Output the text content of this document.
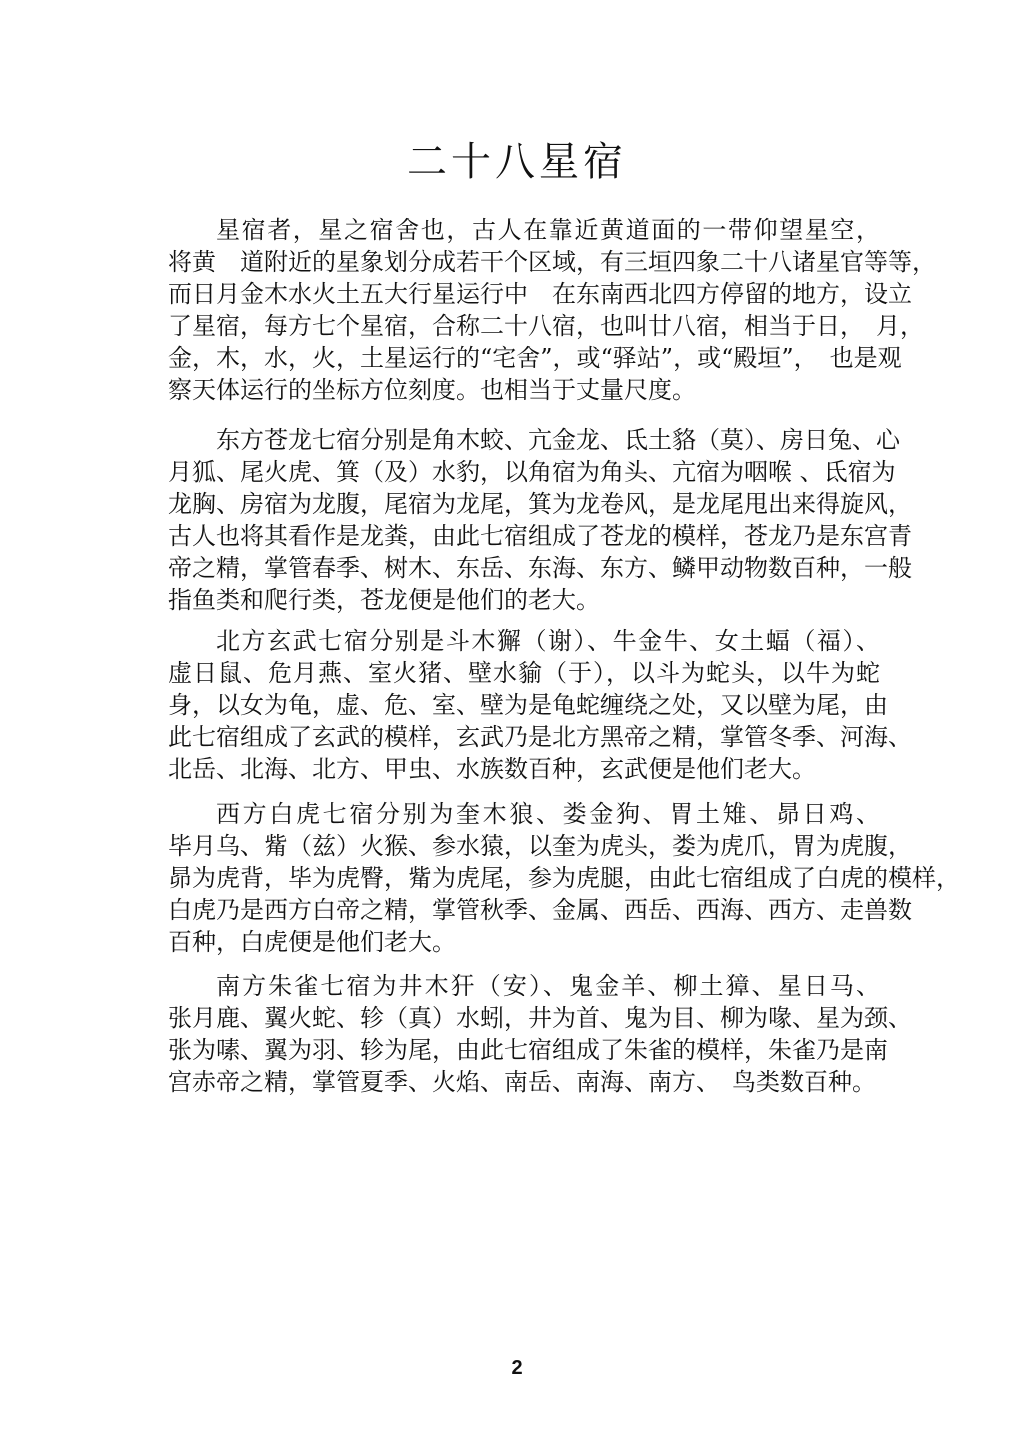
二十八星宿
星宿者，星之宿舍也，古人在靠近黄道面的一带仰望星空，
将黄　道附近的星象划分成若干个区域，有三垣四象二十八诸星官等等，
而日月金木水火土五大行星运行中　在东南西北四方停留的地方，设立
了星宿，每方七个星宿，合称二十八宿，也叫廿八宿，相当于日，　月，
金，木，水，火，土星运行的“宅舍”，或“驿站”，或“殿垣”，　也是观
察天体运行的坐标方位刻度。也相当于丈量尺度。
东方苍龙七宿分别是角木蛟、亢金龙、氐土貉（莫）、房日兔、心
月狐、尾火虎、箕（及）水豹，以角宿为角头、亢宿为咽喉 、氐宿为
龙胸、房宿为龙腹，尾宿为龙尾，箕为龙卷风，是龙尾甩出来得旋风，
古人也将其看作是龙粪，由此七宿组成了苍龙的模样，苍龙乃是东宫青
帝之精，掌管春季、树木、东岳、东海、东方、鳞甲动物数百种，一般
指鱼类和爬行类，苍龙便是他们的老大。
北方玄武七宿分别是斗木獬（谢）、牛金牛、女土蝠（福）、
虚日鼠、危月燕、室火猪、壁水貐（于），以斗为蛇头，以牛为蛇
身，以女为龟，虚、危、室、壁为是龟蛇缠绕之处，又以壁为尾，由
此七宿组成了玄武的模样，玄武乃是北方黑帝之精，掌管冬季、河海、
北岳、北海、北方、甲虫、水族数百种，玄武便是他们老大。
西方白虎七宿分别为奎木狼、娄金狗、胃土雉、昴日鸡、
毕月乌、觜（兹）火猴、参水猿，以奎为虎头，娄为虎爪，胃为虎腹，
昴为虎背，毕为虎臀，觜为虎尾，参为虎腿，由此七宿组成了白虎的模样，
白虎乃是西方白帝之精，掌管秋季、金属、西岳、西海、西方、走兽数
百种，白虎便是他们老大。
南方朱雀七宿为井木犴（安）、鬼金羊、柳土獐、星日马、
张月鹿、翼火蛇、轸（真）水蚓，井为首、鬼为目、柳为喙、星为颈、
张为嗉、翼为羽、轸为尾，由此七宿组成了朱雀的模样，朱雀乃是南
宫赤帝之精，掌管夏季、火焰、南岳、南海、南方、　鸟类数百种。
2
